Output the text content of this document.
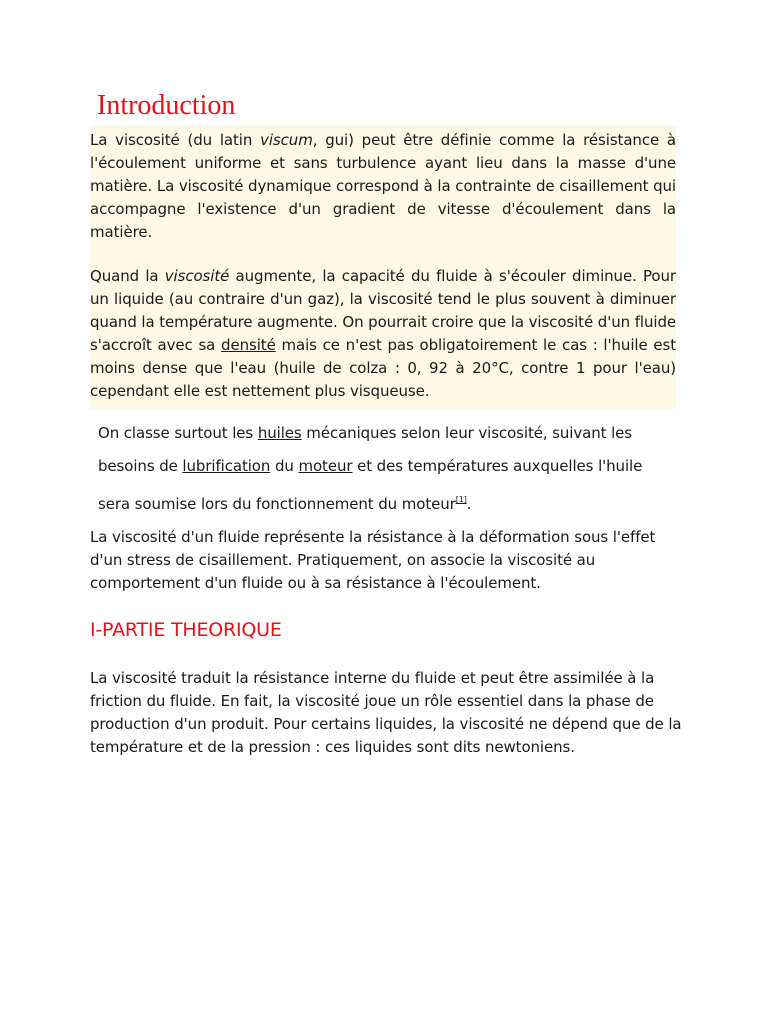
Introduction

La viscosité (du latin viscum, gui) peut être définie comme la résistance à l'écoulement uniforme et sans turbulence ayant lieu dans la masse d'une matière. La viscosité dynamique correspond à la contrainte de cisaillement qui accompagne l'existence d'un gradient de vitesse d'écoulement dans la matière.

Quand la viscosité augmente, la capacité du fluide à s'écouler diminue. Pour un liquide (au contraire d'un gaz), la viscosité tend le plus souvent à diminuer quand la température augmente. On pourrait croire que la viscosité d'un fluide s'accroît avec sa densité mais ce n'est pas obligatoirement le cas : l'huile est moins dense que l'eau (huile de colza : 0, 92 à 20°C, contre 1 pour l'eau) cependant elle est nettement plus visqueuse.

On classe surtout les huiles mécaniques selon leur viscosité, suivant les
besoins de lubrification du moteur et des températures auxquelles l'huile
sera soumise lors du fonctionnement du moteur[1].

La viscosité d'un fluide représente la résistance à la déformation sous l'effet d'un stress de cisaillement. Pratiquement, on associe la viscosité au comportement d'un fluide ou à sa résistance à l'écoulement.

I-PARTIE THEORIQUE

La viscosité traduit la résistance interne du fluide et peut être assimilée à la friction du fluide. En fait, la viscosité joue un rôle essentiel dans la phase de production d'un produit. Pour certains liquides, la viscosité ne dépend que de la température et de la pression : ces liquides sont dits newtoniens.
